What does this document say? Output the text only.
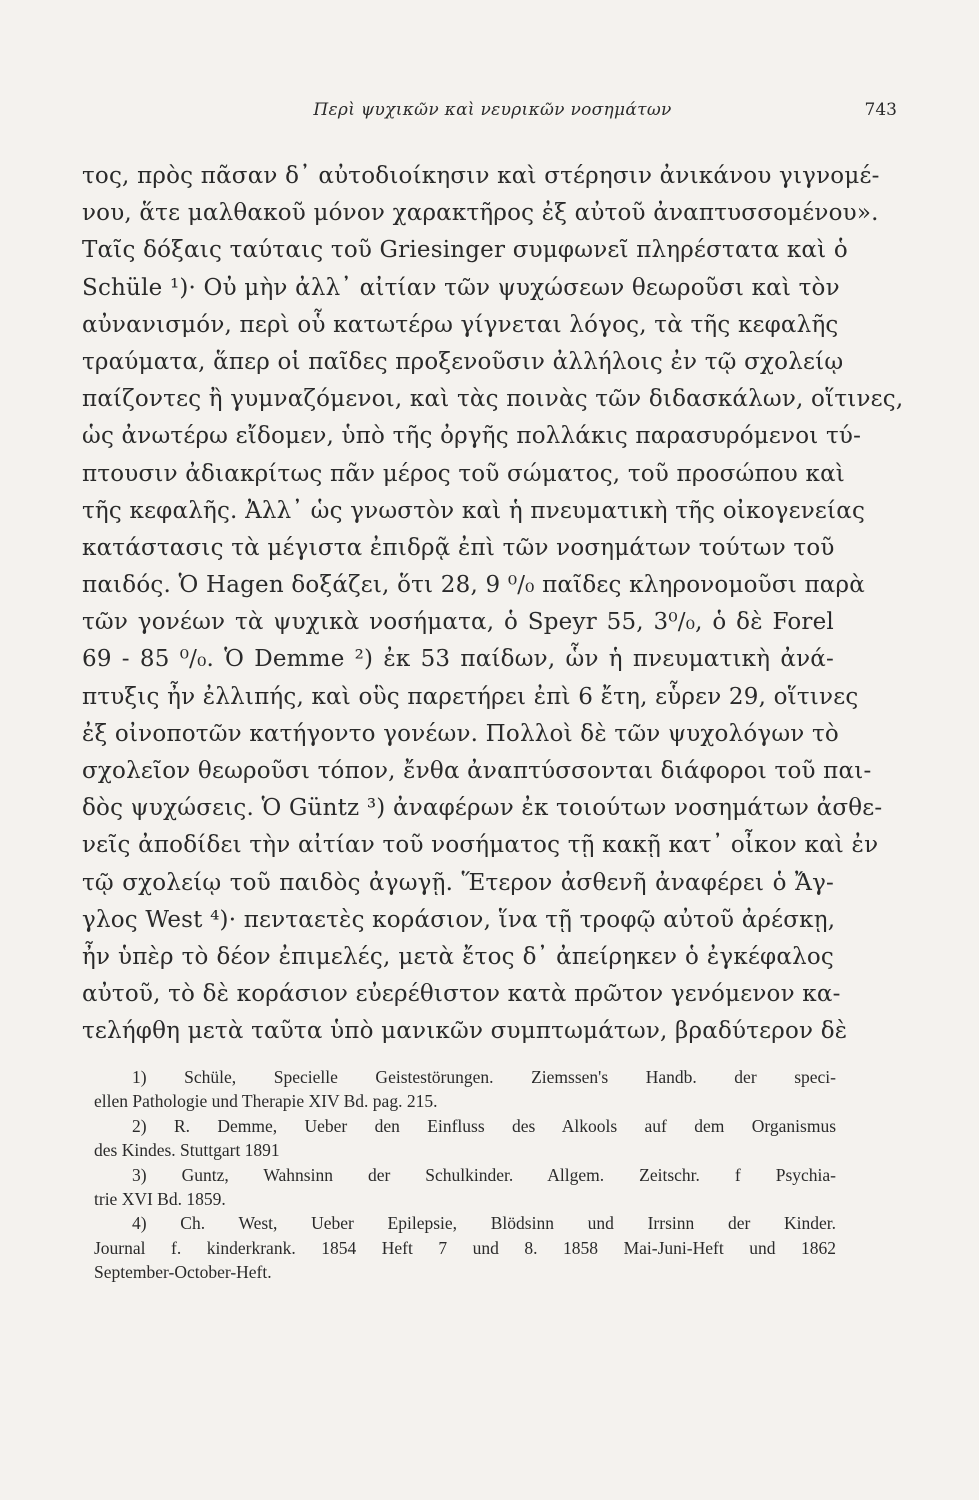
Περὶ ψυχικῶν καὶ νευρικῶν νοσημάτων	743
τος, πρὸς πᾶσαν δ᾽ αὐτοδιοίκησιν καὶ στέρησιν ἀνικάνου γιγνομέ-
νου, ἅτε μαλθακοῦ μόνον χαρακτῆρος ἐξ αὐτοῦ ἀναπτυσσομένου».
Ταῖς δόξαις ταύταις τοῦ Griesinger συμφωνεῖ πληρέστατα καὶ ὁ
Schüle ¹)· Οὐ μὴν ἀλλ᾽ αἰτίαν τῶν ψυχώσεων θεωροῦσι καὶ τὸν
αὐνανισμόν, περὶ οὗ κατωτέρω γίγνεται λόγος, τὰ τῆς κεφαλῆς
τραύματα, ἅπερ οἱ παῖδες προξενοῦσιν ἀλλήλοις ἐν τῷ σχολείῳ
παίζοντες ἢ γυμναζόμενοι, καὶ τὰς ποινὰς τῶν διδασκάλων, οἵτινες,
ὡς ἀνωτέρω εἴδομεν, ὑπὸ τῆς ὀργῆς πολλάκις παρασυρόμενοι τύ-
πτουσιν ἀδιακρίτως πᾶν μέρος τοῦ σώματος, τοῦ προσώπου καὶ
τῆς κεφαλῆς. Ἀλλ᾽ ὡς γνωστὸν καὶ ἡ πνευματικὴ τῆς οἰκογενείας
κατάστασις τὰ μέγιστα ἐπιδρᾷ ἐπὶ τῶν νοσημάτων τούτων τοῦ
παιδός. Ὁ Hagen δοξάζει, ὅτι 28, 9 ⁰/₀ παῖδες κληρονομοῦσι παρὰ
τῶν γονέων τὰ ψυχικὰ νοσήματα, ὁ Speyr 55, 3⁰/₀, ὁ δὲ Forel
69 - 85 ⁰/₀. Ὁ Demme ²) ἐκ 53 παίδων, ὧν ἡ πνευματικὴ ἀνά-
πτυξις ἦν ἐλλιπής, καὶ οὓς παρετήρει ἐπὶ 6 ἔτη, εὗρεν 29, οἵτινες
ἐξ οἰνοποτῶν κατήγοντο γονέων. Πολλοὶ δὲ τῶν ψυχολόγων τὸ
σχολεῖον θεωροῦσι τόπον, ἔνθα ἀναπτύσσονται διάφοροι τοῦ παι-
δὸς ψυχώσεις. Ὁ Güntz ³) ἀναφέρων ἐκ τοιούτων νοσημάτων ἀσθε-
νεῖς ἀποδίδει τὴν αἰτίαν τοῦ νοσήματος τῇ κακῇ κατ᾽ οἶκον καὶ ἐν
τῷ σχολείῳ τοῦ παιδὸς ἀγωγῇ. Ἕτερον ἀσθενῆ ἀναφέρει ὁ Ἄγ-
γλος West ⁴)· πενταετὲς κοράσιον, ἵνα τῇ τροφῷ αὐτοῦ ἀρέσκῃ,
ἦν ὑπὲρ τὸ δέον ἐπιμελές, μετὰ ἔτος δ᾽ ἀπείρηκεν ὁ ἐγκέφαλος
αὐτοῦ, τὸ δὲ κοράσιον εὐερέθιστον κατὰ πρῶτον γενόμενον κα-
τελήφθη μετὰ ταῦτα ὑπὸ μανικῶν συμπτωμάτων, βραδύτερον δὲ
1) Schüle, Specielle Geistestörungen. Ziemssen's Handb. der speci-
ellen Pathologie und Therapie XIV Bd. pag. 215.
2) R. Demme, Ueber den Einfluss des Alkools auf dem Organismus
des Kindes. Stuttgart 1891
3) Guntz, Wahnsinn der Schulkinder. Allgem. Zeitschr. f Psychia-
trie XVI Bd. 1859.
4) Ch. West, Ueber Epilepsie, Blödsinn und Irrsinn der Kinder.
Journal f. kinderkrank. 1854 Heft 7 und 8. 1858 Mai-Juni-Heft und 1862
September-October-Heft.
